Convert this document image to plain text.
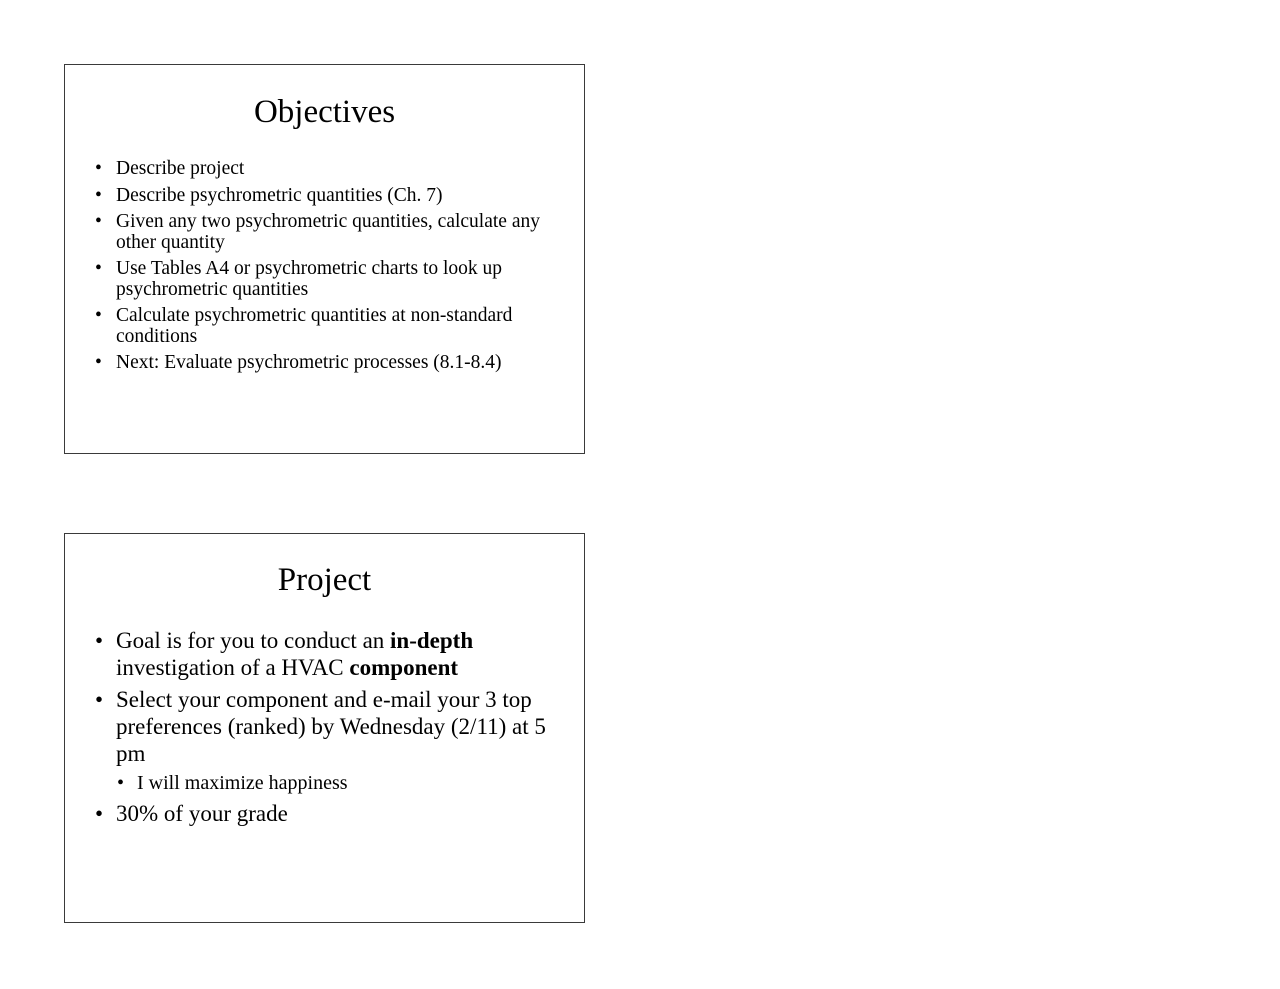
Objectives
• Describe project
• Describe psychrometric quantities (Ch. 7)
• Given any two psychrometric quantities, calculate any other quantity
• Use Tables A4 or psychrometric charts to look up psychrometric quantities
• Calculate psychrometric quantities at non-standard conditions
• Next: Evaluate psychrometric processes (8.1-8.4)
Project
• Goal is for you to conduct an in-depth investigation of a HVAC component
• Select your component and e-mail your 3 top preferences (ranked) by Wednesday (2/11) at 5 pm
• I will maximize happiness
• 30% of your grade
